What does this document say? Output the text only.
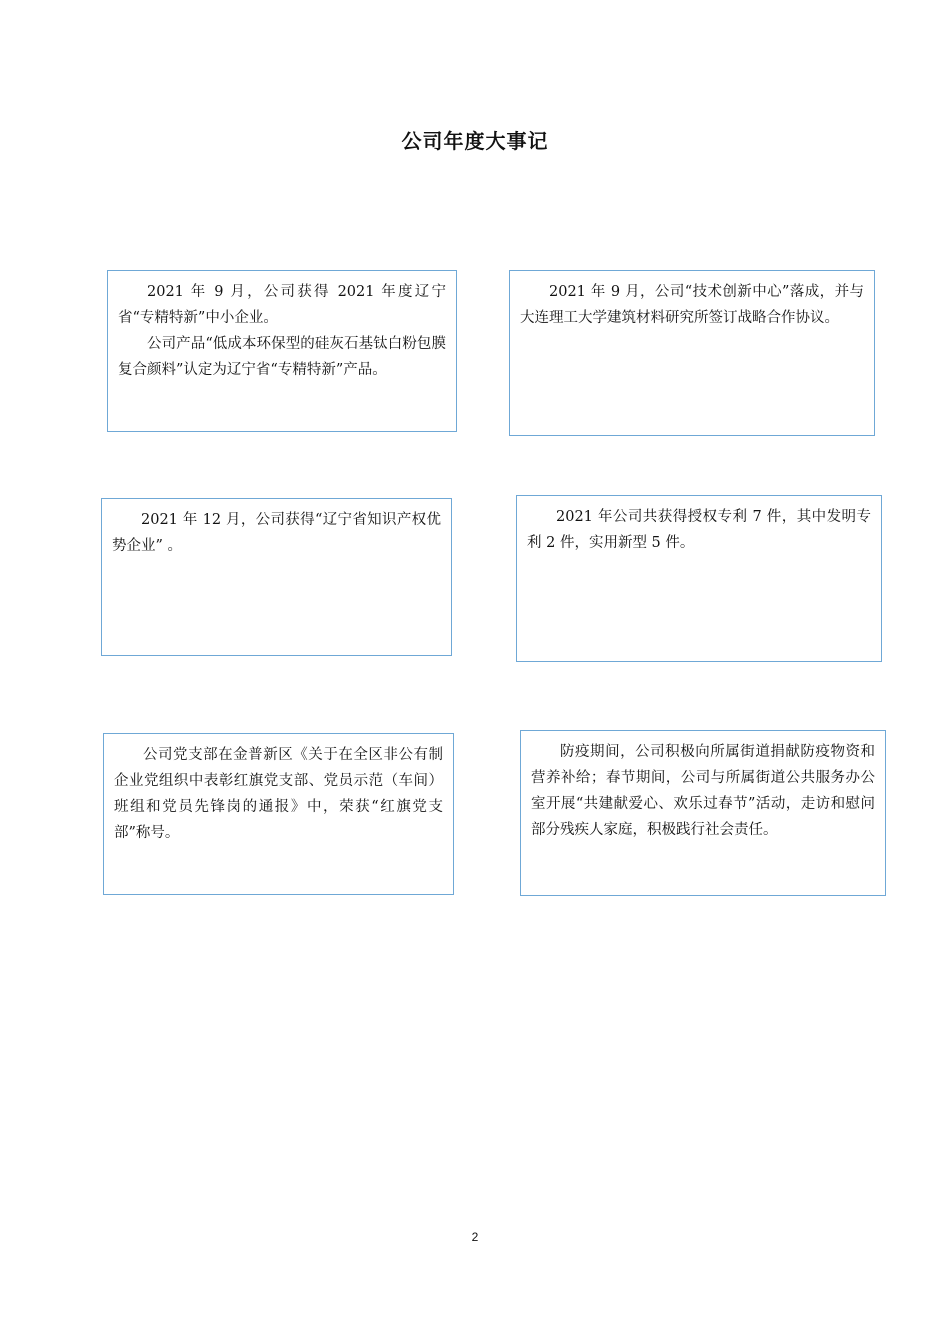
公司年度大事记

2021 年 9 月，公司获得 2021 年度辽宁省“专精特新”中小企业。

公司产品“低成本环保型的硅灰石基钛白粉包膜复合颜料”认定为辽宁省“专精特新”产品。

2021 年 9 月，公司“技术创新中心”落成，并与大连理工大学建筑材料研究所签订战略合作协议。

2021 年 12 月，公司获得“辽宁省知识产权优势企业” 。

2021 年公司共获得授权专利 7 件，其中发明专利 2 件，实用新型 5 件。

公司党支部在金普新区《关于在全区非公有制企业党组织中表彰红旗党支部、党员示范（车间）班组和党员先锋岗的通报》中，荣获“红旗党支部”称号。

防疫期间，公司积极向所属街道捐献防疫物资和营养补给；春节期间，公司与所属街道公共服务办公室开展“共建献爱心、欢乐过春节”活动，走访和慰问部分残疾人家庭，积极践行社会责任。

2
